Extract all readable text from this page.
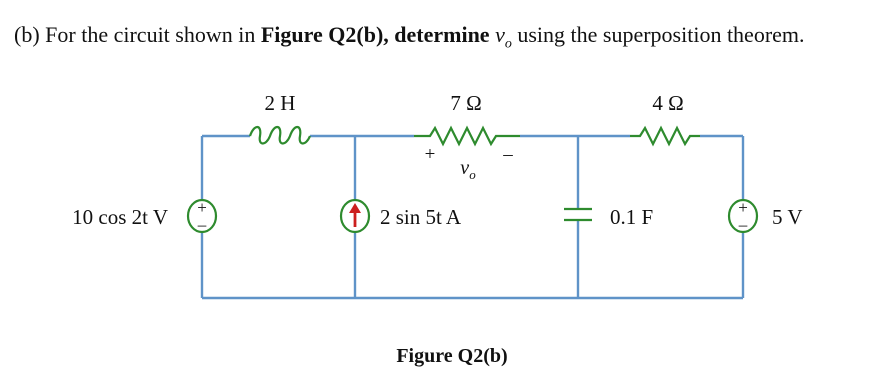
(b) For the circuit shown in Figure Q2(b), determine $v_o$ using the superposition theorem.
2 H	7 Ω
+	–
$v_o$
4 Ω
+
–
10 cos 2t V	2 sin 5t A	0.1 F	+
– 5 V
Figure Q2(b)
